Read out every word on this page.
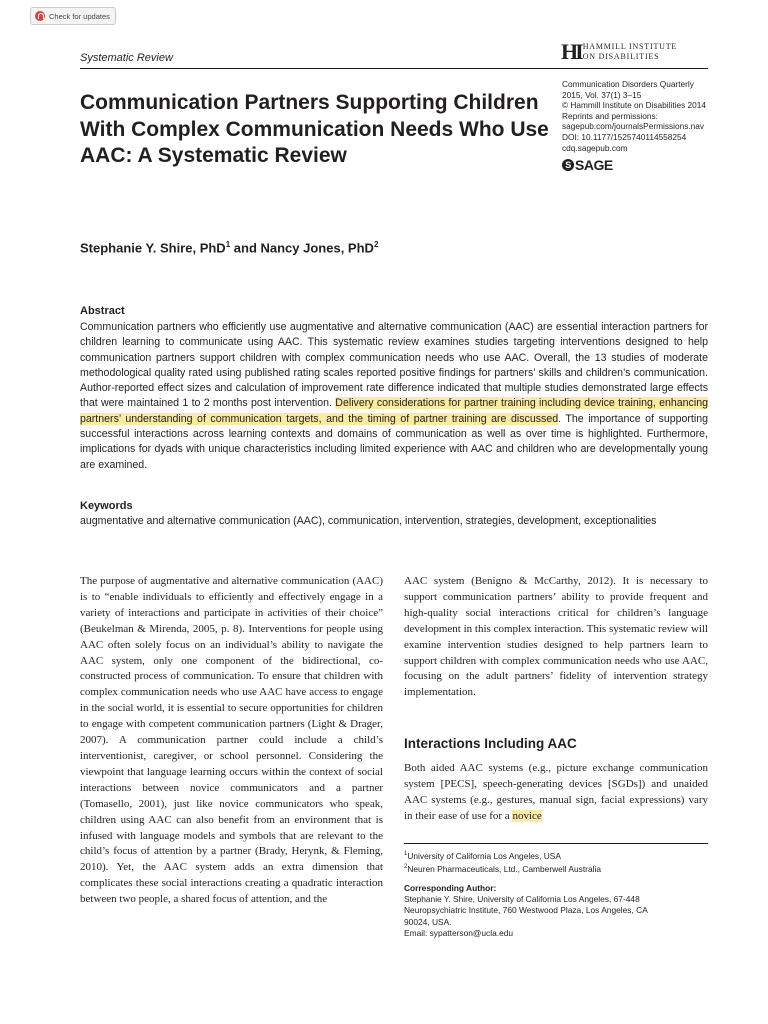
Check for updates
Systematic Review	HI HAMMILL INSTITUTE
ON DISABILITIES
Communication Disorders Quarterly
2015, Vol. 37(1) 3–15
© Hammill Institute on Disabilities 2014
Reprints and permissions:
sagepub.com/journalsPermissions.nav
DOI: 10.1177/1525740114558254
cdq.sagepub.com
S SAGE
Communication Partners Supporting Children With Complex Communication Needs Who Use AAC: A Systematic Review
Stephanie Y. Shire, PhD$^1$ and Nancy Jones, PhD$^2$
Abstract
Communication partners who efficiently use augmentative and alternative communication (AAC) are essential interaction partners for children learning to communicate using AAC. This systematic review examines studies targeting interventions designed to help communication partners support children with complex communication needs who use AAC. Overall, the 13 studies of moderate methodological quality rated using published rating scales reported positive findings for partners’ skills and children’s communication. Author-reported effect sizes and calculation of improvement rate difference indicated that multiple studies demonstrated large effects that were maintained 1 to 2 months post intervention. Delivery considerations for partner training including device training, enhancing partners’ understanding of communication targets, and the timing of partner training are discussed. The importance of supporting successful interactions across learning contexts and domains of communication as well as over time is highlighted. Furthermore, implications for dyads with unique characteristics including limited experience with AAC and children who are developmentally young are examined.
Keywords
augmentative and alternative communication (AAC), communication, intervention, strategies, development, exceptionalities
The purpose of augmentative and alternative communication (AAC) is to “enable individuals to efficiently and effectively engage in a variety of interactions and participate in activities of their choice” (Beukelman & Mirenda, 2005, p. 8). Interventions for people using AAC often solely focus on an individual’s ability to navigate the AAC system, only one component of the bidirectional, co-constructed process of communication. To ensure that children with complex communication needs who use AAC have access to engage in the social world, it is essential to secure opportunities for children to engage with competent communication partners (Light & Drager, 2007). A communication partner could include a child’s interventionist, caregiver, or school personnel. Considering the viewpoint that language learning occurs within the context of social interactions between novice communicators and a partner (Tomasello, 2001), just like novice communicators who speak, children using AAC can also benefit from an environment that is infused with language models and symbols that are relevant to the child’s focus of attention by a partner (Brady, Herynk, & Fleming, 2010). Yet, the AAC system adds an extra dimension that complicates these social interactions creating a quadratic interaction between two people, a shared focus of attention, and the
AAC system (Benigno & McCarthy, 2012). It is necessary to support communication partners’ ability to provide frequent and high-quality social interactions critical for children’s language development in this complex interaction. This systematic review will examine intervention studies designed to help partners learn to support children with complex communication needs who use AAC, focusing on the adult partners’ fidelity of intervention strategy implementation.
Interactions Including AAC
Both aided AAC systems (e.g., picture exchange communication system [PECS], speech-generating devices [SGDs]) and unaided AAC systems (e.g., gestures, manual sign, facial expressions) vary in their ease of use for a novice
$^1$University of California Los Angeles, USA
$^2$Neuren Pharmaceuticals, Ltd., Camberwell Australia
Corresponding Author:
Stephanie Y. Shire, University of California Los Angeles, 67-448
Neuropsychiatric Institute, 760 Westwood Plaza, Los Angeles, CA
90024, USA.
Email: sypatterson@ucla.edu
